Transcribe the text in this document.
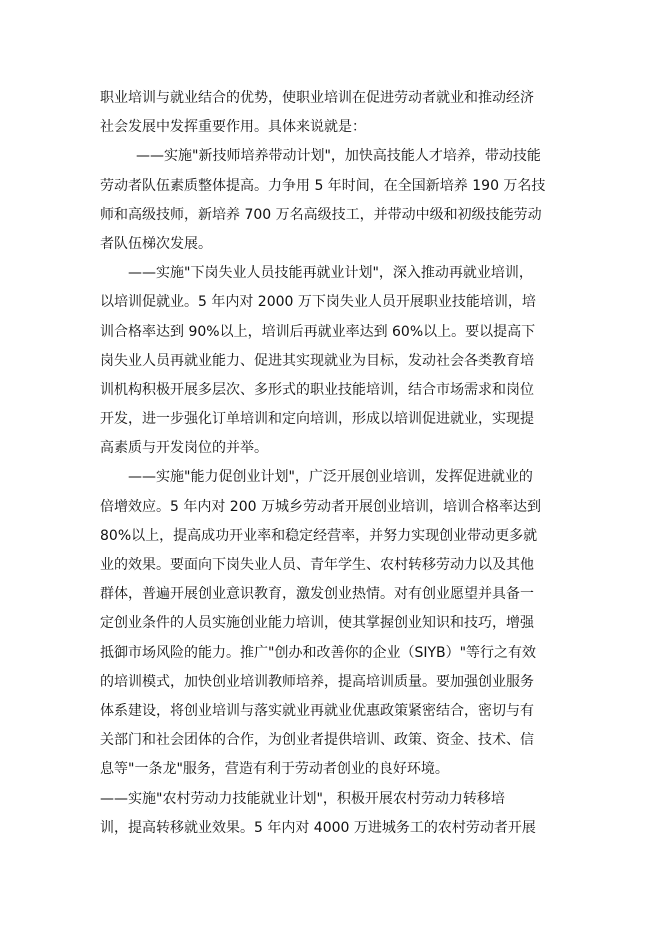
职业培训与就业结合的优势，使职业培训在促进劳动者就业和推动经济
社会发展中发挥重要作用。具体来说就是：

——实施"新技师培养带动计划"，加快高技能人才培养，带动技能
劳动者队伍素质整体提高。力争用 5 年时间，在全国新培养 190 万名技
师和高级技师，新培养 700 万名高级技工，并带动中级和初级技能劳动
者队伍梯次发展。

——实施"下岗失业人员技能再就业计划"，深入推动再就业培训，
以培训促就业。5 年内对 2000 万下岗失业人员开展职业技能培训，培
训合格率达到 90%以上，培训后再就业率达到 60%以上。要以提高下
岗失业人员再就业能力、促进其实现就业为目标，发动社会各类教育培
训机构积极开展多层次、多形式的职业技能培训，结合市场需求和岗位
开发，进一步强化订单培训和定向培训，形成以培训促进就业，实现提
高素质与开发岗位的并举。

——实施"能力促创业计划"，广泛开展创业培训，发挥促进就业的
倍增效应。5 年内对 200 万城乡劳动者开展创业培训，培训合格率达到
80%以上，提高成功开业率和稳定经营率，并努力实现创业带动更多就
业的效果。要面向下岗失业人员、青年学生、农村转移劳动力以及其他
群体，普遍开展创业意识教育，激发创业热情。对有创业愿望并具备一
定创业条件的人员实施创业能力培训，使其掌握创业知识和技巧，增强
抵御市场风险的能力。推广"创办和改善你的企业（SIYB）"等行之有效
的培训模式，加快创业培训教师培养，提高培训质量。要加强创业服务
体系建设，将创业培训与落实就业再就业优惠政策紧密结合，密切与有
关部门和社会团体的合作，为创业者提供培训、政策、资金、技术、信
息等"一条龙"服务，营造有利于劳动者创业的良好环境。

——实施"农村劳动力技能就业计划"，积极开展农村劳动力转移培
训，提高转移就业效果。5 年内对 4000 万进城务工的农村劳动者开展
